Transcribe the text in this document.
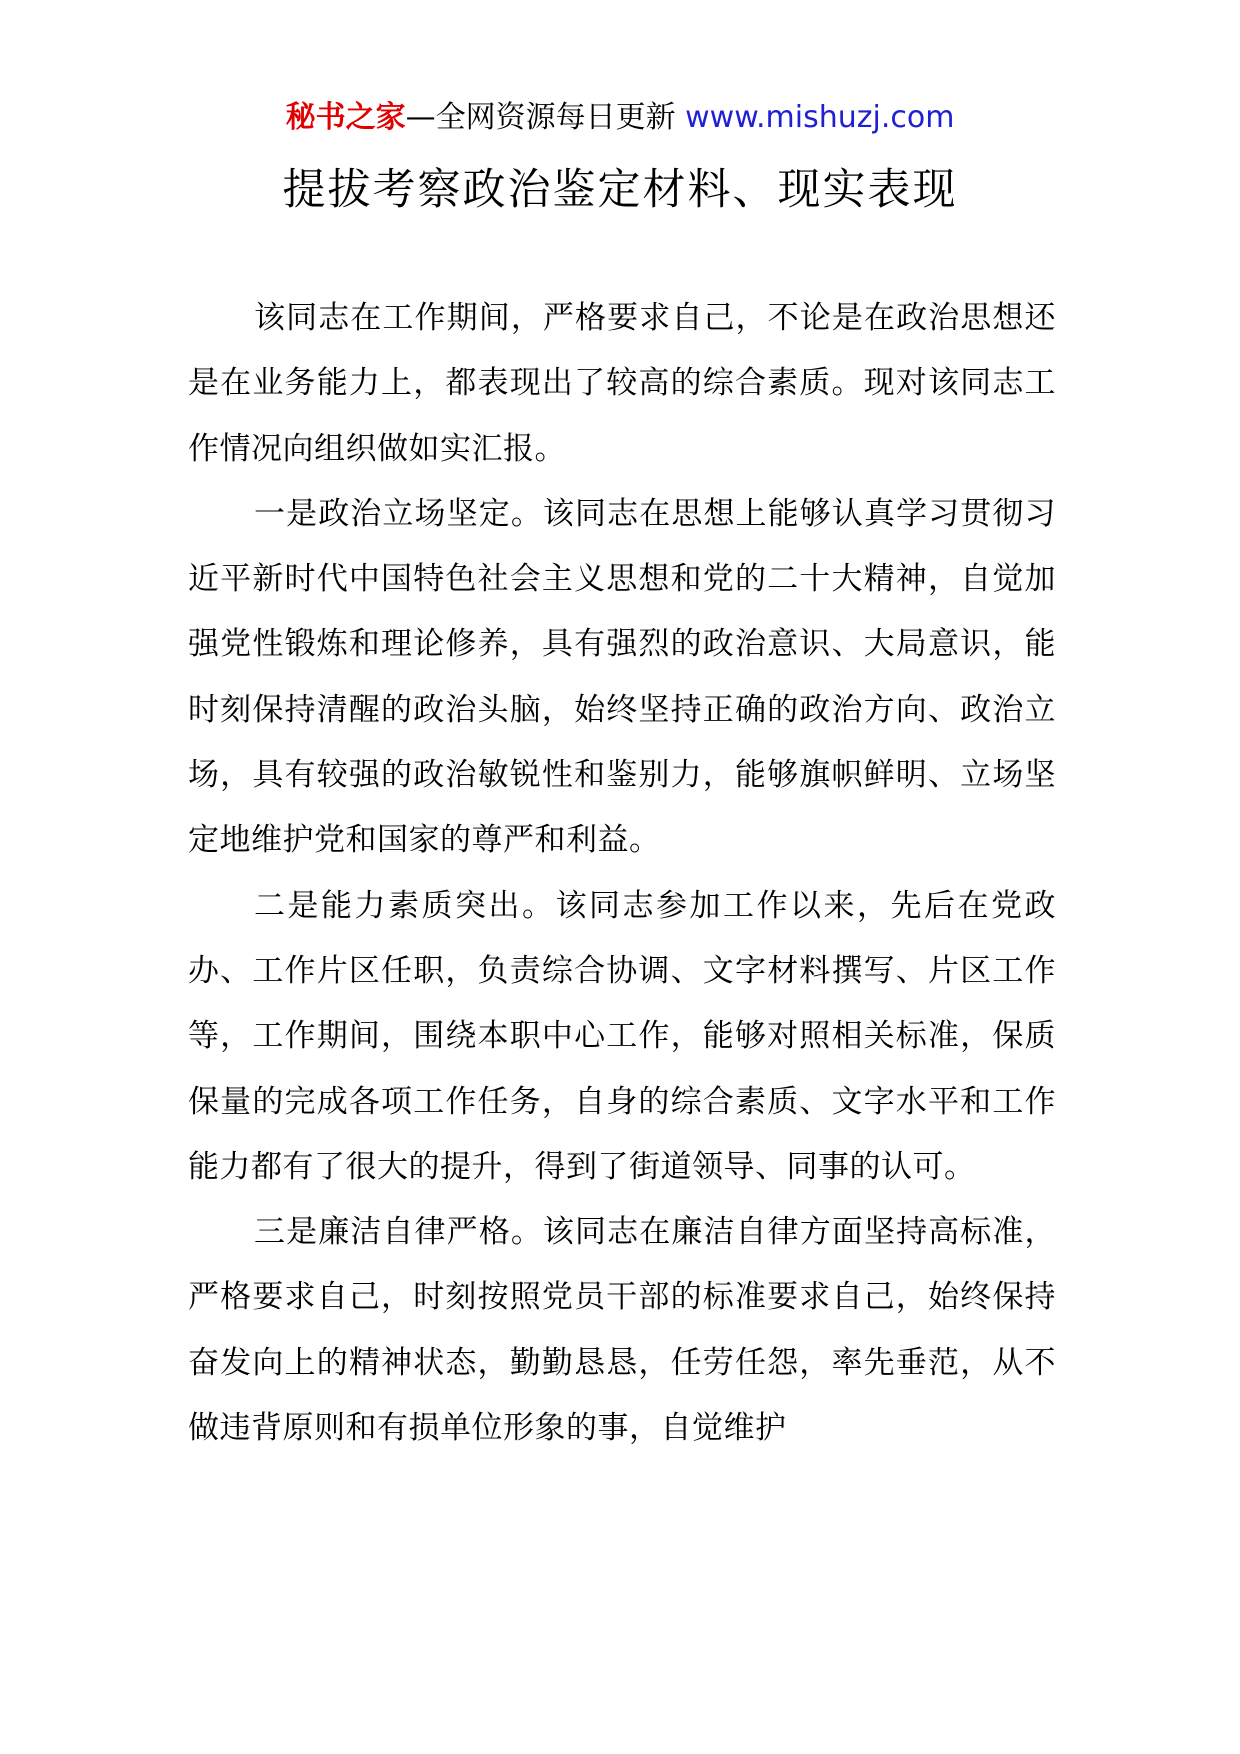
秘书之家—全网资源每日更新 www.mishuzj.com
提拔考察政治鉴定材料、现实表现

该同志在工作期间，严格要求自己，不论是在政治思想还是在业务能力上，都表现出了较高的综合素质。现对该同志工作情况向组织做如实汇报。

一是政治立场坚定。该同志在思想上能够认真学习贯彻习近平新时代中国特色社会主义思想和党的二十大精神，自觉加强党性锻炼和理论修养，具有强烈的政治意识、大局意识，能时刻保持清醒的政治头脑，始终坚持正确的政治方向、政治立场，具有较强的政治敏锐性和鉴别力，能够旗帜鲜明、立场坚定地维护党和国家的尊严和利益。

二是能力素质突出。该同志参加工作以来，先后在党政办、工作片区任职，负责综合协调、文字材料撰写、片区工作等，工作期间，围绕本职中心工作，能够对照相关标准，保质保量的完成各项工作任务，自身的综合素质、文字水平和工作能力都有了很大的提升，得到了街道领导、同事的认可。

三是廉洁自律严格。该同志在廉洁自律方面坚持高标准，严格要求自己，时刻按照党员干部的标准要求自己，始终保持奋发向上的精神状态，勤勤恳恳，任劳任怨，率先垂范，从不做违背原则和有损单位形象的事，自觉维护
